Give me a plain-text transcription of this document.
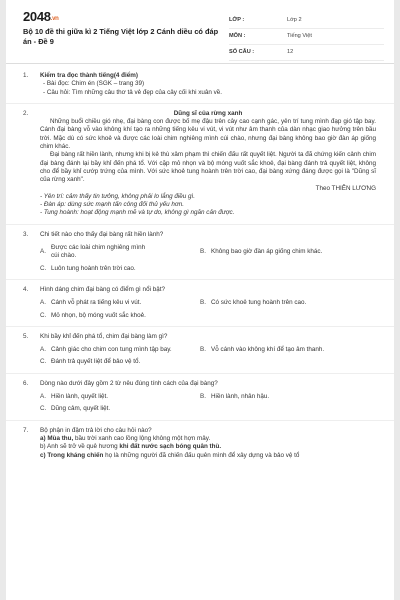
2048.vn
Bộ 10 đề thi giữa kì 2 Tiếng Việt lớp 2 Cánh diều có đáp án - Đề 9
LỚP :	Lớp 2
MÔN :	Tiếng Việt
SỐ CÂU :	12
1. Kiểm tra đọc thành tiếng(4 điểm)
- Bài đọc: Chim én (SGK – trang 39)
- Câu hỏi: Tìm những câu thơ tả vẻ đẹp của cây cối khi xuân về.
2.	Dũng sĩ của rừng xanh
Những buổi chiều gió nhẹ, đại bàng con được bố mẹ đậu trên cây cao cạnh gác, yên trí tung mình đạp gió tập bay. Cánh đại bàng vỗ vào không khí tạo ra những tiếng kêu vi vút, vi vút như âm thanh của dàn nhạc giao hưởng trên bầu trời. Mặc dù có sức khoẻ và được các loài chim nghiêng mình cúi chào, nhưng đại bàng không bao giờ đàn áp giống chim khác.
Đại bàng rất hiền lành, nhưng khi bị kẻ thù xâm phạm thì chiến đấu rất quyết liệt. Người ta đã chứng kiến cảnh chim đại bàng đánh lại bầy khỉ đến phá tổ. Với cặp mỏ nhọn và bộ móng vuốt sắc khoẻ, đại bàng đánh trả quyết liệt, không cho để bầy khỉ cướp trứng của mình. Với sức khoẻ tung hoành trên trời cao, đại bàng xứng đáng được gọi là "Dũng sĩ của rừng xanh".
Theo THIÊN LƯƠNG
- Yên trí: cảm thấy tin tưởng, không phải lo lắng điều gì.
- Đàn áp: dùng sức mạnh tấn công đối thủ yếu hơn.
- Tung hoành: hoạt động mạnh mẽ và tự do, không gì ngăn cản được.
3. Chi tiết nào cho thấy đại bàng rất hiền lành?
A.
Được các loài chim nghiêng mình cúi chào.
B. Không bao giờ đàn áp giống chim khác.
C. Luôn tung hoành trên trời cao.
4. Hình dáng chim đại bàng có điểm gì nổi bật?
A. Cánh vỗ phát ra tiếng kêu vi vút.	B. Có sức khoẻ tung hoành trên cao.
C. Mỏ nhọn, bộ móng vuốt sắc khoẻ.
5. Khi bầy khỉ đến phá tổ, chim đại bàng làm gì?
A. Cảnh giác cho chim con tung mình tập bay.	B. Vỗ cánh vào không khí để tạo âm thanh.
C. Đánh trả quyết liệt để bảo vệ tổ.
6. Dòng nào dưới đây gồm 2 từ nêu đúng tính cách của đại bàng?
A. Hiền lành, quyết liệt.	B. Hiền lành, nhân hậu.
C. Dũng cảm, quyết liệt.
7. Bộ phận in đậm trả lời cho câu hỏi nào?
a) Mùa thu, bầu trời xanh cao lồng lộng không một hợn mây.
b) Anh sẽ trở về quê hương khi đất nước sạch bóng quân thù.
c) Trong kháng chiến họ là những người đã chiến đấu quên mình để xây dựng và bảo vệ tổ
